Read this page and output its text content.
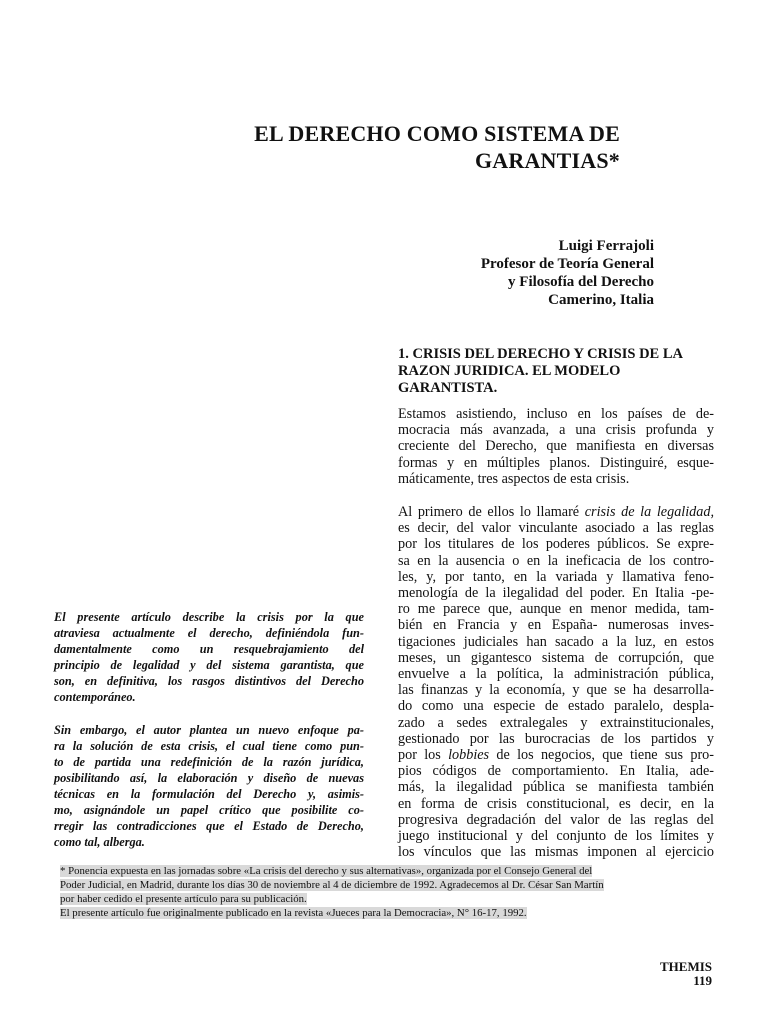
EL DERECHO COMO SISTEMA DE
GARANTIAS*
Luigi Ferrajoli
Profesor de Teoría General
y Filosofía del Derecho
Camerino, Italia
1. CRISIS DEL DERECHO Y CRISIS DE LA
RAZON JURIDICA. EL MODELO
GARANTISTA.

Estamos asistiendo, incluso en los países de de-
mocracia más avanzada, a una crisis profunda y
creciente del Derecho, que manifiesta en diversas
formas y en múltiples planos. Distinguiré, esque-
máticamente, tres aspectos de esta crisis.

Al primero de ellos lo llamaré crisis de la legalidad,
es decir, del valor vinculante asociado a las reglas
por los titulares de los poderes públicos. Se expre-
sa en la ausencia o en la ineficacia de los contro-
les, y, por tanto, en la variada y llamativa feno-
menología de la ilegalidad del poder. En Italia -pe-
ro me parece que, aunque en menor medida, tam-
bién en Francia y en España- numerosas inves-
tigaciones judiciales han sacado a la luz, en estos
meses, un gigantesco sistema de corrupción, que
envuelve a la política, la administración pública,
las finanzas y la economía, y que se ha desarrolla-
do como una especie de estado paralelo, despla-
zado a sedes extralegales y extrainstitucionales,
gestionado por las burocracias de los partidos y
por los lobbies de los negocios, que tiene sus pro-
pios códigos de comportamiento. En Italia, ade-
más, la ilegalidad pública se manifiesta también
en forma de crisis constitucional, es decir, en la
progresiva degradación del valor de las reglas del
juego institucional y del conjunto de los límites y
los vínculos que las mismas imponen al ejercicio

El presente artículo describe la crisis por la que
atraviesa actualmente el derecho, definiéndola fun-
damentalmente como un resquebrajamiento del
principio de legalidad y del sistema garantista, que
son, en definitiva, los rasgos distintivos del Derecho
contemporáneo.

Sin embargo, el autor plantea un nuevo enfoque pa-
ra la solución de esta crisis, el cual tiene como pun-
to de partida una redefinición de la razón jurídica,
posibilitando así, la elaboración y diseño de nuevas
técnicas en la formulación del Derecho y, asimis-
mo, asignándole un papel crítico que posibilite co-
rregir las contradicciones que el Estado de Derecho,
como tal, alberga.

* Ponencia expuesta en las jornadas sobre «La crisis del derecho y sus alternativas», organizada por el Consejo General del
Poder Judicial, en Madrid, durante los días 30 de noviembre al 4 de diciembre de 1992. Agradecemos al Dr. César San Martín
por haber cedido el presente artículo para su publicación.
El presente artículo fue originalmente publicado en la revista «Jueces para la Democracia», N° 16-17, 1992.
THEMIS
119
